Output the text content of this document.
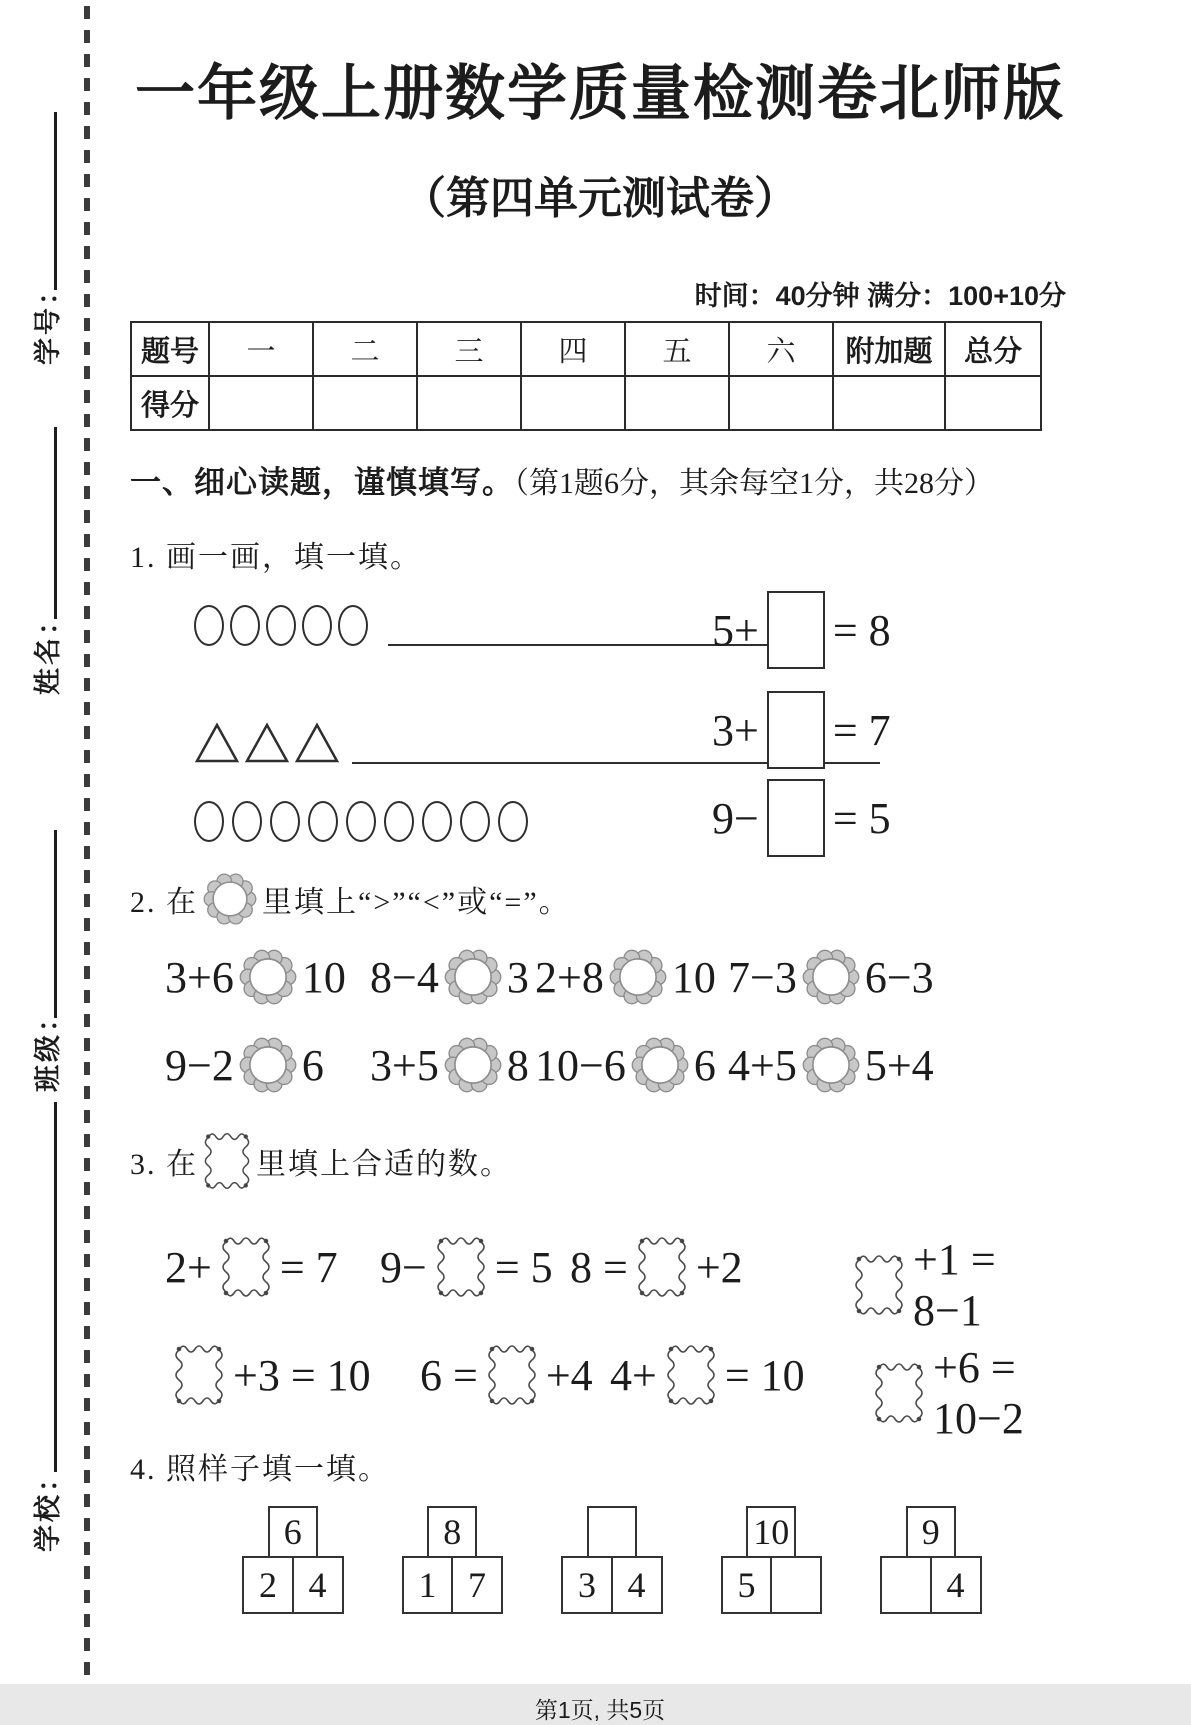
学号：
姓名：
班级：
学校：
一年级上册数学质量检测卷北师版
（第四单元测试卷）
时间：40分钟 满分：100+10分
题号	一	二	三	四	五	六	附加题	总分
得分								
一、细心读题，谨慎填写。（第1题6分，其余每空1分，共28分）
1. 画一画，填一填。
5+ = 8
3+ = 7
9− = 5
2. 在 里填上“>”“<”或“=”。
3+6 10 8−4 3 2+8 10 7−3 6−3
9−2 6 3+5 8 10−6 6 4+5 5+4
3. 在 里填上合适的数。
2+ = 7 9− = 5 8 = +2	+1 = 8−1
+3 = 10 6 = +4 4+ = 10	+6 = 10−2
4. 照样子填一填。
6
2 4
8
1 7	3 4
10
5
9
4
第1页, 共5页
